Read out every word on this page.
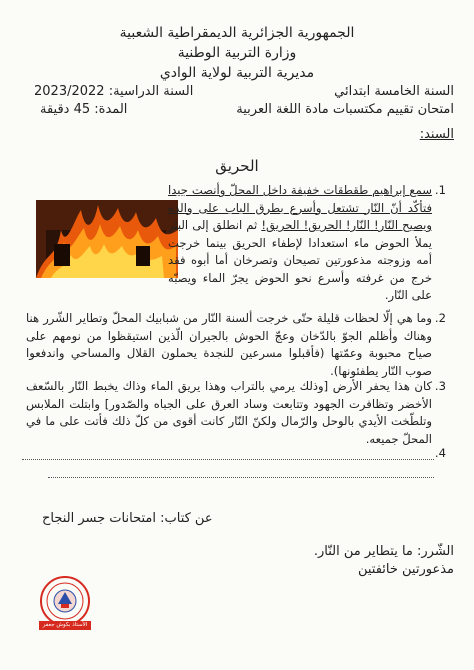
الجمهورية الجزائرية الديمقراطية الشعبية
وزارة التربية الوطنية
مديرية التربية لولاية الوادي
السنة الخامسة ابتدائي
السنة الدراسية: 2023/2022
امتحان تقييم مكتسبات مادة اللغة العربية
المدة: 45 دقيقة
السند:
الحريق
1.
سمع إبراهيم طقطقات خفيفة داخل المحلّ وأنصت جيدا فتأكّد أنّ النّار تشتعل وأسرع بطرق الباب على والده ويصيح النّار! النّار! الحريق! الحريق! ثم انطلق إلى البئر يملأ الحوض ماء استعدادا لإطفاء الحريق بينما خرجت أمه وزوجته مذعورتين تصيحان وتصرخان أما أبوه فقد خرج من غرفته وأسرع نحو الحوض يجرّ الماء ويصبّه على النّار.
2.
وما هي إلّا لحظات قليلة حتّى خرجت ألسنة النّار من شبابيك المحلّ وتطاير الشّرر هنا وهناك وأظلم الجوّ بالدّخان وعجّ الحوش بالجيران الّذين استيقظوا من نومهم على صياح محبوبة وعمّتها (فأقبلوا مسرعين للنجدة يحملون القلال والمساحي واندفعوا صوب النّار يطفئونها).
3.
كان هذا يحفر الأرض [وذلك يرمي بالتراب وهذا يريق الماء وذاك يخبط النّار بالسّعف الأخضر وتظافرت الجهود وتتابعت وساد العرق على الجباه والصّدور] وابتلت الملابس وتلطّخت الأيدي بالوحل والرّمال ولكنّ النّار كانت أقوى من كلّ ذلك فأتت على ما في المحلّ جميعه.
4.
عن كتاب: امتحانات جسر النجاح
الشّرر: ما يتطاير من النّار.
مذعورتين خائفتين
الأستاذ بكوش جعفر
